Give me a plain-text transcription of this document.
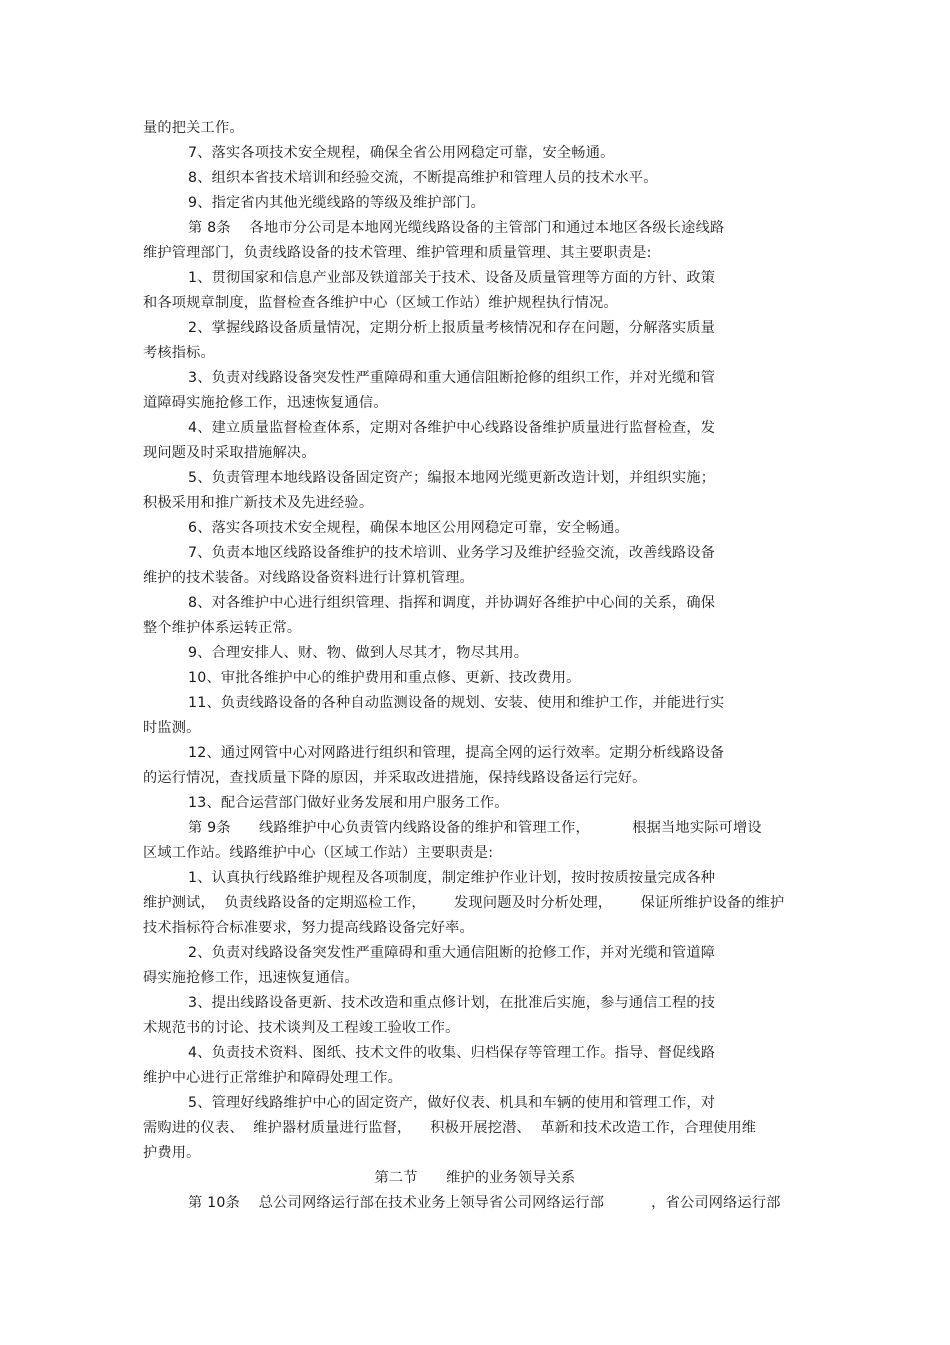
量的把关工作。
7、落实各项技术安全规程，确保全省公用网稳定可靠，安全畅通。
8、组织本省技术培训和经验交流，不断提高维护和管理人员的技术水平。
9、指定省内其他光缆线路的等级及维护部门。
第 8条    各地市分公司是本地网光缆线路设备的主管部门和通过本地区各级长途线路
维护管理部门，负责线路设备的技术管理、维护管理和质量管理、其主要职责是:
1、贯彻国家和信息产业部及铁道部关于技术、设备及质量管理等方面的方针、政策
和各项规章制度，监督检查各维护中心（区域工作站）维护规程执行情况。
2、掌握线路设备质量情况，定期分析上报质量考核情况和存在问题，分解落实质量
考核指标。
3、负责对线路设备突发性严重障碍和重大通信阻断抢修的组织工作，并对光缆和管
道障碍实施抢修工作，迅速恢复通信。
4、建立质量监督检查体系，定期对各维护中心线路设备维护质量进行监督检查，发
现问题及时采取措施解决。
5、负责管理本地线路设备固定资产；编报本地网光缆更新改造计划，并组织实施；
积极采用和推广新技术及先进经验。
6、落实各项技术安全规程，确保本地区公用网稳定可靠，安全畅通。
7、负责本地区线路设备维护的技术培训、业务学习及维护经验交流，改善线路设备
维护的技术装备。对线路设备资料进行计算机管理。
8、对各维护中心进行组织管理、指挥和调度，并协调好各维护中心间的关系，确保
整个维护体系运转正常。
9、合理安排人、财、物、做到人尽其才，物尽其用。
10、审批各维护中心的维护费用和重点修、更新、技改费用。
11、负责线路设备的各种自动监测设备的规划、安装、使用和维护工作，并能进行实
时监测。
12、通过网管中心对网路进行组织和管理，提高全网的运行效率。定期分析线路设备
的运行情况，查找质量下降的原因，并采取改进措施，保持线路设备运行完好。
13、配合运营部门做好业务发展和用户服务工作。
第 9条      线路维护中心负责管内线路设备的维护和管理工作，         根据当地实际可增设
区域工作站。线路维护中心（区域工作站）主要职责是:
1、认真执行线路维护规程及各项制度，制定维护作业计划，按时按质按量完成各种
维护测试，  负责线路设备的定期巡检工作，      发现问题及时分析处理，      保证所维护设备的维护
技术指标符合标准要求，努力提高线路设备完好率。
2、负责对线路设备突发性严重障碍和重大通信阻断的抢修工作，并对光缆和管道障
碍实施抢修工作，迅速恢复通信。
3、提出线路设备更新、技术改造和重点修计划，在批准后实施，参与通信工程的技
术规范书的讨论、技术谈判及工程竣工验收工作。
4、负责技术资料、图纸、技术文件的收集、归档保存等管理工作。指导、督促线路
维护中心进行正常维护和障碍处理工作。
5、管理好线路维护中心的固定资产，做好仪表、机具和车辆的使用和管理工作，对
需购进的仪表、  维护器材质量进行监督，    积极开展挖潜、  革新和技术改造工作，合理使用维
护费用。
第二节      维护的业务领导关系
第 10条    总公司网络运行部在技术业务上领导省公司网络运行部          ，省公司网络运行部
